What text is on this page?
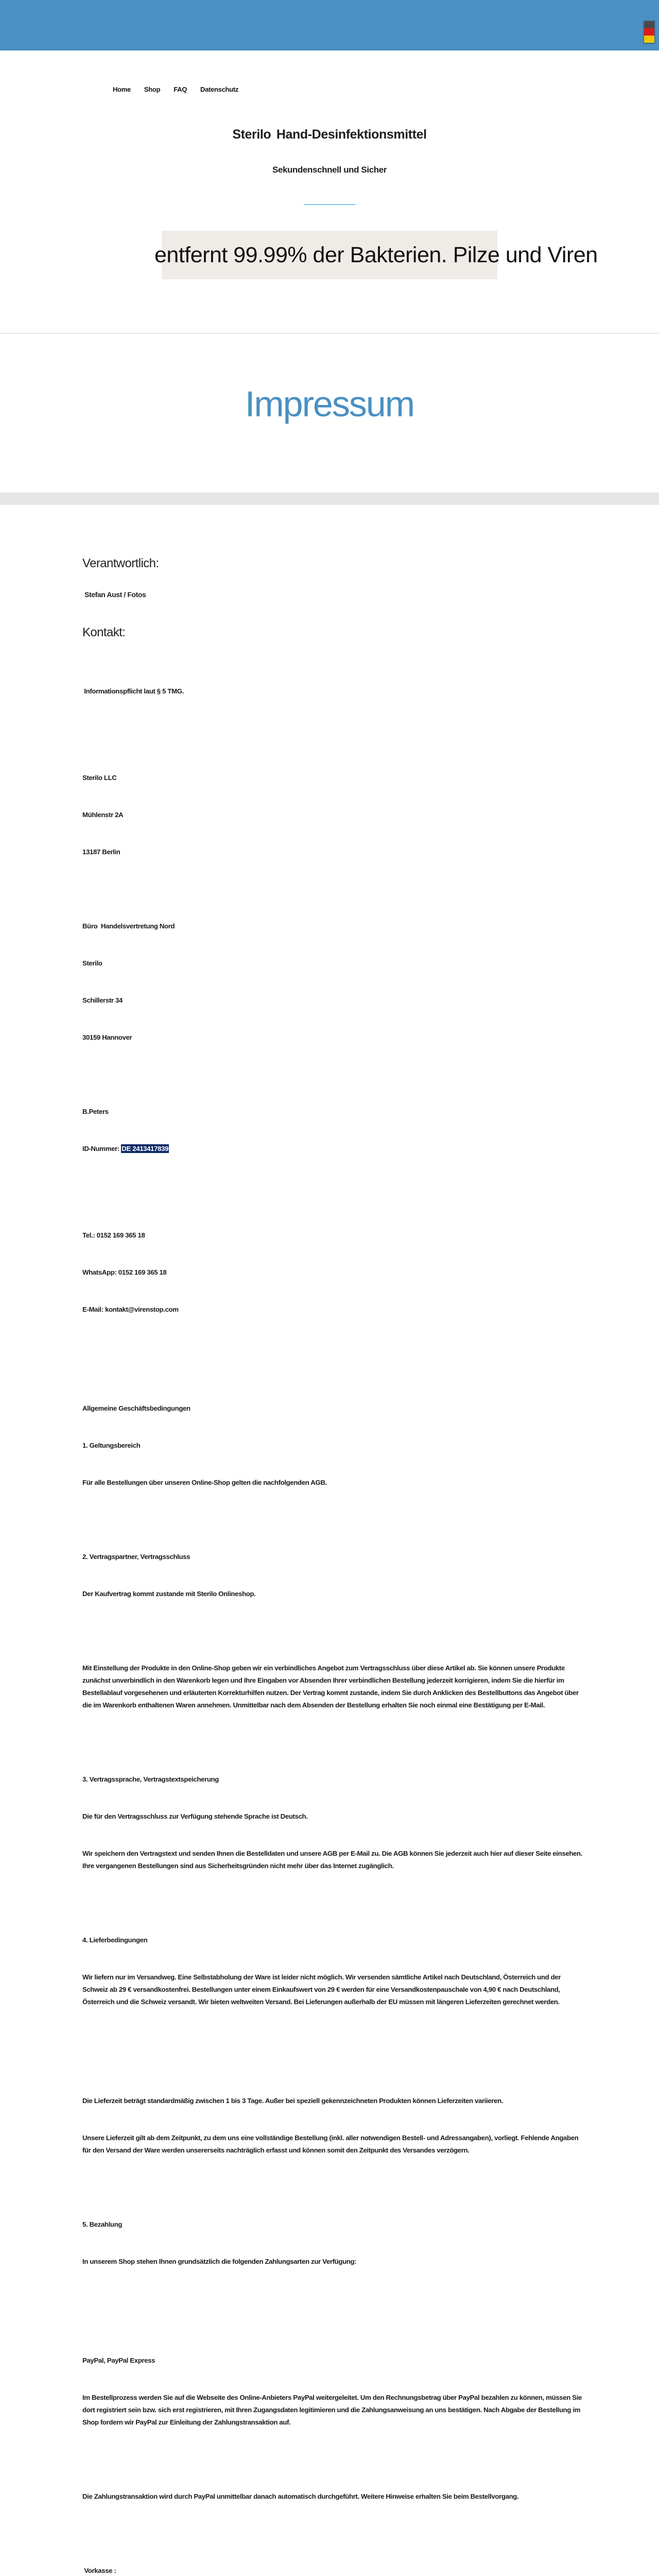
Home Shop FAQ Datenschutz
Sterilo Hand-Desinfektionsmittel
Sekundenschnell und Sicher
entfernt 99.99% der Bakterien. Pilze und Viren
Impressum
Verantwortlich:
Stefan Aust / Fotos
Kontakt:

Informationspflicht laut § 5 TMG.

Sterilo LLC

Mühlenstr 2A

13187 Berlin

Büro  Handelsvertretung Nord

Sterilo

Schillerstr 34

30159 Hannover

B.Peters

ID-Nummer: DE 2413417839

Tel.: 0152 169 365 18

WhatsApp: 0152 169 365 18

E-Mail: kontakt@virenstop.com

Allgemeine Geschäftsbedingungen

1. Geltungsbereich

Für alle Bestellungen über unseren Online-Shop gelten die nachfolgenden AGB.

2. Vertragspartner, Vertragsschluss

Der Kaufvertrag kommt zustande mit Sterilo Onlineshop.

Mit Einstellung der Produkte in den Online-Shop geben wir ein verbindliches Angebot zum Vertragsschluss über diese Artikel ab. Sie können unsere Produkte zunächst unverbindlich in den Warenkorb legen und Ihre Eingaben vor Absenden Ihrer verbindlichen Bestellung jederzeit korrigieren, indem Sie die hierfür im Bestellablauf vorgesehenen und erläuterten Korrekturhilfen nutzen. Der Vertrag kommt zustande, indem Sie durch Anklicken des Bestellbuttons das Angebot über die im Warenkorb enthaltenen Waren annehmen. Unmittelbar nach dem Absenden der Bestellung erhalten Sie noch einmal eine Bestätigung per E-Mail.

3. Vertragssprache, Vertragstextspeicherung

Die für den Vertragsschluss zur Verfügung stehende Sprache ist Deutsch.

Wir speichern den Vertragstext und senden Ihnen die Bestelldaten und unsere AGB per E-Mail zu. Die AGB können Sie jederzeit auch hier auf dieser Seite einsehen. Ihre vergangenen Bestellungen sind aus Sicherheitsgründen nicht mehr über das Internet zugänglich.

4. Lieferbedingungen

Wir liefern nur im Versandweg. Eine Selbstabholung der Ware ist leider nicht möglich. Wir versenden sämtliche Artikel nach Deutschland, Österreich und der Schweiz ab 29 € versandkostenfrei. Bestellungen unter einem Einkaufswert von 29 € werden für eine Versandkostenpauschale von 4,90 € nach Deutschland, Österreich und die Schweiz versandt. Wir bieten weltweiten Versand. Bei Lieferungen außerhalb der EU müssen mit längeren Lieferzeiten gerechnet werden.

Die Lieferzeit beträgt standardmäßig zwischen 1 bis 3 Tage. Außer bei speziell gekennzeichneten Produkten können Lieferzeiten variieren.

Unsere Lieferzeit gilt ab dem Zeitpunkt, zu dem uns eine vollständige Bestellung (inkl. aller notwendigen Bestell- und Adressangaben), vorliegt. Fehlende Angaben für den Versand der Ware werden unsererseits nachträglich erfasst und können somit den Zeitpunkt des Versandes verzögern.

5. Bezahlung

In unserem Shop stehen Ihnen grundsätzlich die folgenden Zahlungsarten zur Verfügung:

PayPal, PayPal Express

Im Bestellprozess werden Sie auf die Webseite des Online-Anbieters PayPal weitergeleitet. Um den Rechnungsbetrag über PayPal bezahlen zu können, müssen Sie dort registriert sein bzw. sich erst registrieren, mit Ihren Zugangsdaten legitimieren und die Zahlungsanweisung an uns bestätigen. Nach Abgabe der Bestellung im Shop fordern wir PayPal zur Einleitung der Zahlungstransaktion auf.

Die Zahlungstransaktion wird durch PayPal unmittelbar danach automatisch durchgeführt. Weitere Hinweise erhalten Sie beim Bestellvorgang.

Vorkasse :
